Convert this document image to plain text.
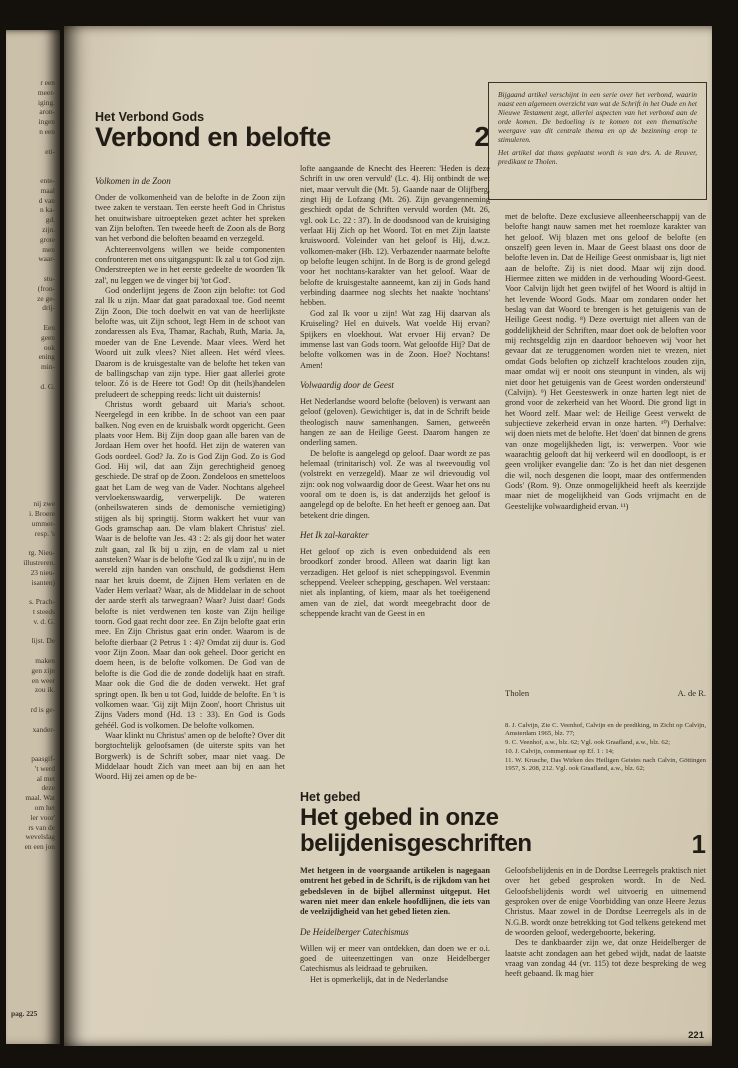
r een

meer-

iging.

aron-

ingen

n een

eti-

ente-

maal

d van

n ka-

gd.

zijn.

grote

men

waar-

stu-

(fron-

ze ge-

drij-

Een

geen

ook

ening

min-

d. G.

nij zwe

i. Broere

ummer-

resp. 's

rg. Nieu-

illustreren.

23 nieu-

isanten)

s. Prach-

t steeds

v. d. G.

lijst. De

maken

gen zijn

en weer

zou ik.

rd is ge-

xander-

paasgif-

't werd

al met

deze

maal. Wat

om het

ler voor'

rs van de

wevelslag

en een jon

pag. 225
Het Verbond Gods
Verbond en belofte	2

Bijgaand artikel verschijnt in een serie over het verbond, waarin naast een algemeen overzicht van wat de Schrift in het Oude en het Nieuwe Testament zegt, allerlei aspecten van het verbond aan de orde komen. De bedoeling is te komen tot een thematische weergave van dit centrale thema en op de bezinning erop te stimuleren.

Het artikel dat thans geplaatst wordt is van drs. A. de Reuver, predikant te Tholen.

Volkomen in de Zoon

Onder de volkomenheid van de belofte in de Zoon zijn twee zaken te verstaan. Ten eerste heeft God in Christus het onuitwisbare uitroepteken gezet achter het spreken van Zijn beloften. Ten tweede heeft de Zoon als de Borg van het verbond die beloften beaamd en verzegeld.

Achtereenvolgens willen we beide componenten confronteren met ons uitgangspunt: Ik zal u tot God zijn. Onderstreepten we in het eerste gedeelte de woorden 'Ik zal', nu leggen we de vinger bij 'tot God'.

God onderlijnt jegens de Zoon zijn belofte: tot God zal Ik u zijn. Maar dat gaat paradoxaal toe. God neemt Zijn Zoon, Die toch doelwit en vat van de heerlijkste belofte was, uit Zijn schoot, legt Hem in de schoot van zondaressen als Eva, Thamar, Rachab, Ruth, Maria. Ja, moeder van de Ene Levende. Maar vlees. Werd het Woord uit zulk vlees? Niet alleen. Het wérd vlees. Daarom is de kruisgestalte van de belofte het teken van de ballingschap van zijn type. Hier gaat allerlei grote teloor. Zó is de Heere tot God! Op dit (heils)handelen preludeert de schepping reeds: licht uit duisternis!

Christus wordt gebaard uit Maria's schoot. Neergelegd in een kribbe. In de schoot van een paar balken. Nog even en de kruisbalk wordt opgericht. Geen plaats voor Hem. Bij Zijn doop gaan alle baren van de Jordaan Hem over het hoofd. Het zijn de wateren van Gods oordeel. God? Ja. Zo is God Zijn God. Zo is God God. Hij wil, dat aan Zijn gerechtigheid genoeg geschiede. De straf op de Zoon. Zondeloos en smetteloos gaat het Lam de weg van de Vader. Nochtans algeheel vervloekenswaardig, verwerpelijk. De wateren (onheilswateren sinds de demonische vernietiging) stijgen als bij springtij. Storm wakkert het vuur van Gods gramschap aan. De vlam blakert Christus' ziel. Waar is de belofte van Jes. 43 : 2: als gij door het water zult gaan, zal Ik bij u zijn, en de vlam zal u niet aansteken? Waar is de belofte 'God zal Ik u zijn', nu in de wereld zijn handen van onschuld, de godsdienst Hem naar het kruis doemt, de Zijnen Hem verlaten en de Vader Hem verlaat? Waar, als de Middelaar in de schoot der aarde sterft als tarwegraan? Waar? Juist daar! Gods belofte is niet verdwenen ten koste van Zijn heilige toorn. God gaat recht door zee. En Zijn belofte gaat erin mee. En Zijn Christus gaat erin onder. Waarom is de belofte dierbaar (2 Petrus 1 : 4)? Omdat zij duur is. God voor Zijn Zoon. Maar dan ook geheel. Door gericht en doem heen, is de belofte volkomen. De God van de belofte is die God die de zonde dodelijk haat en straft. Maar ook die God die de doden verwekt. Het graf springt open. Ik ben u tot God, luidde de belofte. En 't is volkomen waar. 'Gij zijt Mijn Zoon', hoort Christus uit Zijns Vaders mond (Hd. 13 : 33). En God is Gods gehéél. God is volkomen. De belofte volkomen.

Waar klinkt nu Christus' amen op de belofte? Over dit borgtochtelijk geloofsamen (de uiterste spits van het Borgwerk) is de Schrift sober, maar niet vaag. De Middelaar houdt Zich van meet aan bij en aan het Woord. Hij zei amen op de be-

lofte aangaande de Knecht des Heeren: 'Heden is deze Schrift in uw oren vervuld' (Lc. 4). Hij ontbindt de wet niet, maar vervult die (Mt. 5). Gaande naar de Olijfberg, zingt Hij de Lofzang (Mt. 26). Zijn gevangenneming geschiedt opdat de Schriften vervuld worden (Mt. 26, vgl. ook Lc. 22 : 37). In de doodsnood van de kruisiging verlaat Hij Zich op het Woord. Tot en met Zijn laatste kruiswoord. Voleinder van het geloof is Hij, d.w.z. volkomen-maker (Hb. 12). Verbazender naarmate belofte op belofte leugen schijnt. In de Borg is de grond gelegd voor het nochtans-karakter van het geloof. Waar de belofte de kruisgestalte aanneemt, kan zij in Gods hand verbinding daarmee nog slechts het naakte 'nochtans' hebben.

God zal Ik voor u zijn! Wat zag Hij daarvan als Kruiseling? Hel en duivels. Wat voelde Hij ervan? Spijkers en vloekhout. Wat ervoer Hij ervan? De immense last van Gods toorn. Wat geloofde Hij? Dat de belofte volkomen was in de Zoon. Hoe? Nochtans! Amen!

Volwaardig door de Geest

Het Nederlandse woord belofte (beloven) is verwant aan geloof (geloven). Gewichtiger is, dat in de Schrift beide theologisch nauw samenhangen. Samen, getweeën hangen ze aan de Heilige Geest. Daarom hangen ze onderling samen.

De belofte is aangelegd op geloof. Daar wordt ze pas helemaal (trinitarisch) vol. Ze was al tweevoudig vol (volstrekt en verzegeld). Maar ze wil drievoudig vol zijn: ook nog volwaardig door de Geest. Waar het ons nu vooral om te doen is, is dat anderzijds het geloof is aangelegd op de belofte. En het heeft er genoeg aan. Dat betekent drie dingen.

Het Ik zal-karakter

Het geloof op zich is even onbeduidend als een broodkorf zonder brood. Alleen wat daarin ligt kan verzadigen. Het geloof is niet scheppingsvol. Evenmin scheppend. Veeleer schepping, geschapen. Wel verstaan: niet als inplanting, of kiem, maar als het toeëigenend amen van de ziel, dat wordt meegebracht door de scheppende kracht van de Geest in en

met de belofte. Deze exclusieve alleenheerschappij van de belofte hangt nauw samen met het roemloze karakter van het geloof. Wij blazen met ons geloof de belofte (en onszelf) geen leven in. Maar de Geest blaast ons door de belofte leven in. Dat de Heilige Geest onmisbaar is, ligt niet aan de belofte. Zij is niet dood. Maar wij zijn dood. Hiermee zitten we midden in de verhouding Woord-Geest. Voor Calvijn lijdt het geen twijfel of het Woord is altijd in het levende Woord Gods. Maar om zondaren onder het beslag van dat Woord te brengen is het getuigenis van de Heilige Geest nodig. ⁸) Deze overtuigt niet alleen van de goddelijkheid der Schriften, maar doet ook de beloften voor mij rechtsgeldig zijn en daardoor behoeven wij 'voor het gevaar dat ze teruggenomen worden niet te vrezen, niet omdat Gods beloften op zichzelf krachteloos zouden zijn, maar omdat wij er nooit ons steunpunt in vinden, als wij niet door het getuigenis van de Geest worden ondersteund' (Calvijn). ⁹) Het Geesteswerk in onze harten legt niet de grond voor de zekerheid van het Woord. Die grond ligt in het Woord zelf. Maar wel: de Heilige Geest verwekt de subjectieve zekerheid ervan in onze harten. ¹⁰) Derhalve: wij doen niets met de belofte. Het 'doen' dat binnen de grens van onze mogelijkheden ligt, is: verwerpen. Voor wie waarachtig gelooft dat hij verkeerd wil en doodloopt, is er geen vrolijker evangelie dan: 'Zo is het dan niet desgenen die wil, noch desgenen die loopt, maar des ontfermenden Gods' (Rom. 9). Onze onmogelijkheid heeft als keerzijde maar niet de mogelijkheid van Gods vrijmacht en de Geestelijke volwaardigheid ervan. ¹¹)

Tholen	A. de R.

8. J. Calvijn, Zie C. Veenhof, Calvijn en de prediking, in Zicht op Calvijn, Amsterdam 1965, blz. 77;

9. C. Veenhof, a.w., blz. 62; Vgl. ook Graafland, a.w., blz. 62;

10. J. Calvijn, commentaar op Ef. 1 : 14;

11. W. Krusche, Das Wirken des Heiligen Geistes nach Calvin, Göttingen 1957, S. 208, 212. Vgl. ook Graafland, a.w., blz. 62;

Het gebed
Het gebed in onze belijdenisgeschriften	1

Met hetgeen in de voorgaande artikelen is nagegaan omtrent het gebed in de Schrift, is de rijkdom van het gebedsleven in de bijbel allerminst uitgeput. Het waren niet meer dan enkele hoofdlijnen, die iets van de veelzijdigheid van het gebed lieten zien.

De Heidelberger Catechismus

Willen wij er meer van ontdekken, dan doen we er o.i. goed de uiteenzettingen van onze Heidelberger Catechismus als leidraad te gebruiken.

Het is opmerkelijk, dat in de Nederlandse

Geloofsbelijdenis en in de Dordtse Leerregels praktisch niet over het gebed gesproken wordt. In de Ned. Geloofsbelijdenis wordt wel uitvoerig en uitnemend gesproken over de enige Voorbidding van onze Heere Jezus Christus. Maar zowel in de Dordtse Leerregels als in de N.G.B. wordt onze betrekking tot God telkens getekend met de woorden geloof, wedergeboorte, bekering.

Des te dankbaarder zijn we, dat onze Heidelberger de laatste acht zondagen aan het gebed wijdt, nadat de laatste vraag van zondag 44 (vr. 115) tot deze bespreking de weg heeft gebaand. Ik mag hier

221
